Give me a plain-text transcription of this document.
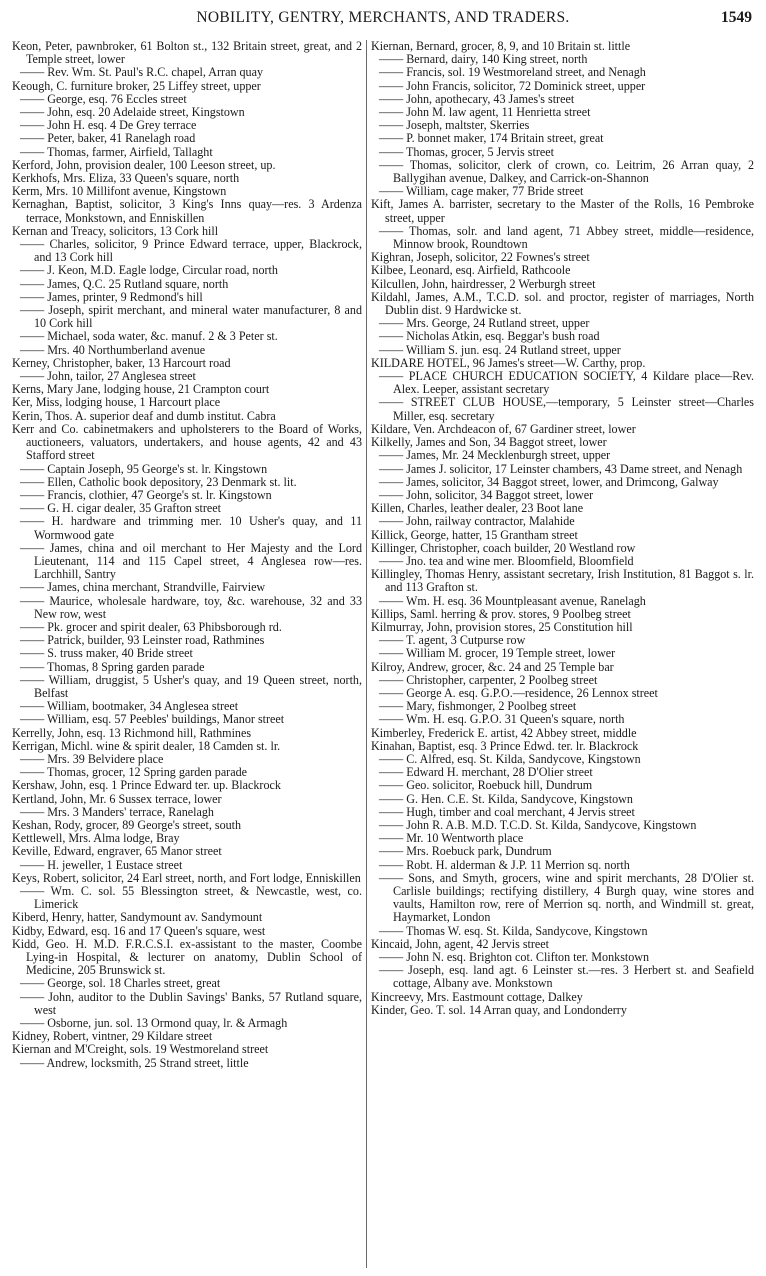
NOBILITY, GENTRY, MERCHANTS, AND TRADERS.	1549
Keon, Peter, pawnbroker, 61 Bolton st., 132 Britain street, great, and 2 Temple street, lower
—— Rev. Wm. St. Paul's R.C. chapel, Arran quay
Keough, C. furniture broker, 25 Liffey street, upper
—— George, esq. 76 Eccles street
—— John, esq. 20 Adelaide street, Kingstown
—— John H. esq. 4 De Grey terrace
—— Peter, baker, 41 Ranelagh road
—— Thomas, farmer, Airfield, Tallaght
Kerford, John, provision dealer, 100 Leeson street, up.
Kerkhofs, Mrs. Eliza, 33 Queen's square, north
Kerm, Mrs. 10 Millifont avenue, Kingstown
Kernaghan, Baptist, solicitor, 3 King's Inns quay—res. 3 Ardenza terrace, Monkstown, and Enniskillen
Kernan and Treacy, solicitors, 13 Cork hill
—— Charles, solicitor, 9 Prince Edward terrace, upper, Blackrock, and 13 Cork hill
—— J. Keon, M.D. Eagle lodge, Circular road, north
—— James, Q.C. 25 Rutland square, north
—— James, printer, 9 Redmond's hill
—— Joseph, spirit merchant, and mineral water manufacturer, 8 and 10 Cork hill
—— Michael, soda water, &c. manuf. 2 & 3 Peter st.
—— Mrs. 40 Northumberland avenue
Kerney, Christopher, baker, 13 Harcourt road
—— John, tailor, 27 Anglesea street
Kerns, Mary Jane, lodging house, 21 Crampton court
Ker, Miss, lodging house, 1 Harcourt place
Kerin, Thos. A. superior deaf and dumb institut. Cabra
Kerr and Co. cabinetmakers and upholsterers to the Board of Works, auctioneers, valuators, undertakers, and house agents, 42 and 43 Stafford street
—— Captain Joseph, 95 George's st. lr. Kingstown
—— Ellen, Catholic book depository, 23 Denmark st. lit.
—— Francis, clothier, 47 George's st. lr. Kingstown
—— G. H. cigar dealer, 35 Grafton street
—— H. hardware and trimming mer. 10 Usher's quay, and 11 Wormwood gate
—— James, china and oil merchant to Her Majesty and the Lord Lieutenant, 114 and 115 Capel street, 4 Anglesea row—res. Larchhill, Santry
—— James, china merchant, Strandville, Fairview
—— Maurice, wholesale hardware, toy, &c. warehouse, 32 and 33 New row, west
—— Pk. grocer and spirit dealer, 63 Phibsborough rd.
—— Patrick, builder, 93 Leinster road, Rathmines
—— S. truss maker, 40 Bride street
—— Thomas, 8 Spring garden parade
—— William, druggist, 5 Usher's quay, and 19 Queen street, north, Belfast
—— William, bootmaker, 34 Anglesea street
—— William, esq. 57 Peebles' buildings, Manor street
Kerrelly, John, esq. 13 Richmond hill, Rathmines
Kerrigan, Michl. wine & spirit dealer, 18 Camden st. lr.
—— Mrs. 39 Belvidere place
—— Thomas, grocer, 12 Spring garden parade
Kershaw, John, esq. 1 Prince Edward ter. up. Blackrock
Kertland, John, Mr. 6 Sussex terrace, lower
—— Mrs. 3 Manders' terrace, Ranelagh
Keshan, Rody, grocer, 89 George's street, south
Kettlewell, Mrs. Alma lodge, Bray
Keville, Edward, engraver, 65 Manor street
—— H. jeweller, 1 Eustace street
Keys, Robert, solicitor, 24 Earl street, north, and Fort lodge, Enniskillen
—— Wm. C. sol. 55 Blessington street, & Newcastle, west, co. Limerick
Kiberd, Henry, hatter, Sandymount av. Sandymount
Kidby, Edward, esq. 16 and 17 Queen's square, west
Kidd, Geo. H. M.D. F.R.C.S.I. ex-assistant to the master, Coombe Lying-in Hospital, & lecturer on anatomy, Dublin School of Medicine, 205 Brunswick st.
—— George, sol. 18 Charles street, great
—— John, auditor to the Dublin Savings' Banks, 57 Rutland square, west
—— Osborne, jun. sol. 13 Ormond quay, lr. & Armagh
Kidney, Robert, vintner, 29 Kildare street
Kiernan and M'Creight, sols. 19 Westmoreland street
—— Andrew, locksmith, 25 Strand street, little
Kiernan, Bernard, grocer, 8, 9, and 10 Britain st. little
—— Bernard, dairy, 140 King street, north
—— Francis, sol. 19 Westmoreland street, and Nenagh
—— John Francis, solicitor, 72 Dominick street, upper
—— John, apothecary, 43 James's street
—— John M. law agent, 11 Henrietta street
—— Joseph, maltster, Skerries
—— P. bonnet maker, 174 Britain street, great
—— Thomas, grocer, 5 Jervis street
—— Thomas, solicitor, clerk of crown, co. Leitrim, 26 Arran quay, 2 Ballygihan avenue, Dalkey, and Carrick-on-Shannon
—— William, cage maker, 77 Bride street
Kift, James A. barrister, secretary to the Master of the Rolls, 16 Pembroke street, upper
—— Thomas, solr. and land agent, 71 Abbey street, middle—residence, Minnow brook, Roundtown
Kighran, Joseph, solicitor, 22 Fownes's street
Kilbee, Leonard, esq. Airfield, Rathcoole
Kilcullen, John, hairdresser, 2 Werburgh street
Kildahl, James, A.M., T.C.D. sol. and proctor, register of marriages, North Dublin dist. 9 Hardwicke st.
—— Mrs. George, 24 Rutland street, upper
—— Nicholas Atkin, esq. Beggar's bush road
—— William S. jun. esq. 24 Rutland street, upper
KILDARE HOTEL, 96 James's street—W. Carthy, prop.
—— PLACE CHURCH EDUCATION SOCIETY, 4 Kildare place—Rev. Alex. Leeper, assistant secretary
—— STREET CLUB HOUSE,—temporary, 5 Leinster street—Charles Miller, esq. secretary
Kildare, Ven. Archdeacon of, 67 Gardiner street, lower
Kilkelly, James and Son, 34 Baggot street, lower
—— James, Mr. 24 Mecklenburgh street, upper
—— James J. solicitor, 17 Leinster chambers, 43 Dame street, and Nenagh
—— James, solicitor, 34 Baggot street, lower, and Drimcong, Galway
—— John, solicitor, 34 Baggot street, lower
Killen, Charles, leather dealer, 23 Boot lane
—— John, railway contractor, Malahide
Killick, George, hatter, 15 Grantham street
Killinger, Christopher, coach builder, 20 Westland row
—— Jno. tea and wine mer. Bloomfield, Bloomfield
Killingley, Thomas Henry, assistant secretary, Irish Institution, 81 Baggot s. lr. and 113 Grafton st.
—— Wm. H. esq. 36 Mountpleasant avenue, Ranelagh
Killips, Saml. herring & prov. stores, 9 Poolbeg street
Kilmurray, John, provision stores, 25 Constitution hill
—— T. agent, 3 Cutpurse row
—— William M. grocer, 19 Temple street, lower
Kilroy, Andrew, grocer, &c. 24 and 25 Temple bar
—— Christopher, carpenter, 2 Poolbeg street
—— George A. esq. G.P.O.—residence, 26 Lennox street
—— Mary, fishmonger, 2 Poolbeg street
—— Wm. H. esq. G.P.O. 31 Queen's square, north
Kimberley, Frederick E. artist, 42 Abbey street, middle
Kinahan, Baptist, esq. 3 Prince Edwd. ter. lr. Blackrock
—— C. Alfred, esq. St. Kilda, Sandycove, Kingstown
—— Edward H. merchant, 28 D'Olier street
—— Geo. solicitor, Roebuck hill, Dundrum
—— G. Hen. C.E. St. Kilda, Sandycove, Kingstown
—— Hugh, timber and coal merchant, 4 Jervis street
—— John R. A.B. M.D. T.C.D. St. Kilda, Sandycove, Kingstown
—— Mr. 10 Wentworth place
—— Mrs. Roebuck park, Dundrum
—— Robt. H. alderman & J.P. 11 Merrion sq. north
—— Sons, and Smyth, grocers, wine and spirit merchants, 28 D'Olier st. Carlisle buildings; rectifying distillery, 4 Burgh quay, wine stores and vaults, Hamilton row, rere of Merrion sq. north, and Windmill st. great, Haymarket, London
—— Thomas W. esq. St. Kilda, Sandycove, Kingstown
Kincaid, John, agent, 42 Jervis street
—— John N. esq. Brighton cot. Clifton ter. Monkstown
—— Joseph, esq. land agt. 6 Leinster st.—res. 3 Herbert st. and Seafield cottage, Albany ave. Monkstown
Kincreevy, Mrs. Eastmount cottage, Dalkey
Kinder, Geo. T. sol. 14 Arran quay, and Londonderry
